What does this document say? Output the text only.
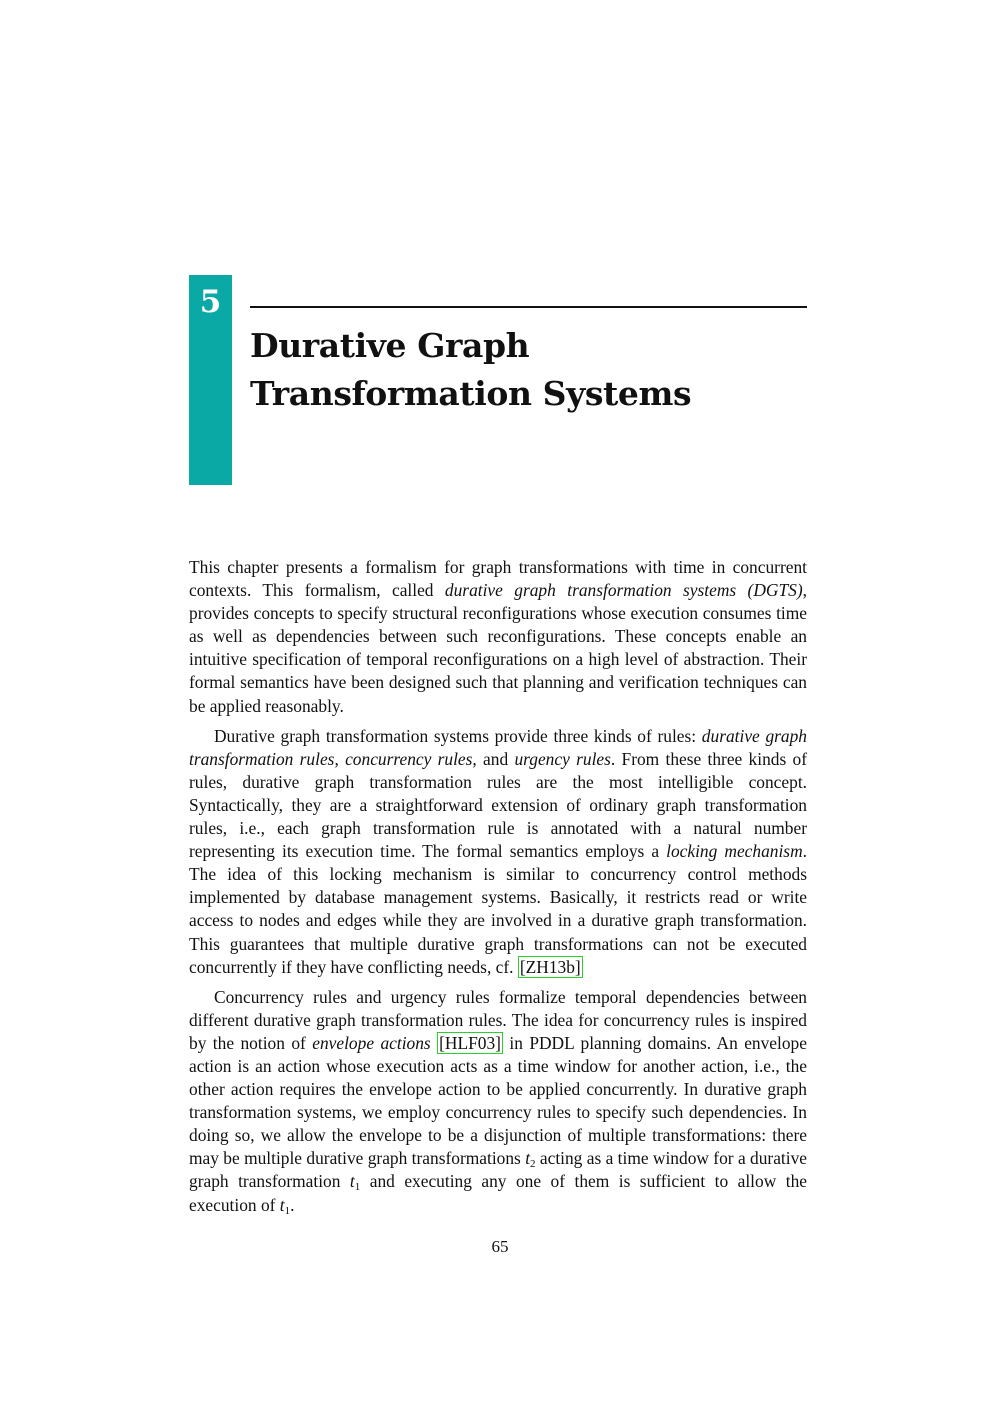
5
Durative Graph Transformation Systems

This chapter presents a formalism for graph transformations with time in concurrent contexts. This formalism, called durative graph transformation systems (DGTS), provides concepts to specify structural reconfigurations whose execution consumes time as well as dependencies between such reconfigurations. These concepts enable an intuitive specification of temporal reconfigurations on a high level of abstraction. Their formal semantics have been designed such that planning and verification techniques can be applied reasonably.

Durative graph transformation systems provide three kinds of rules: durative graph transformation rules, concurrency rules, and urgency rules. From these three kinds of rules, durative graph transformation rules are the most intelligible concept. Syntactically, they are a straightforward extension of ordinary graph transformation rules, i.e., each graph transformation rule is annotated with a natural number representing its execution time. The formal semantics employs a locking mechanism. The idea of this locking mechanism is similar to concurrency control methods implemented by database management systems. Basically, it restricts read or write access to nodes and edges while they are involved in a durative graph transformation. This guarantees that multiple durative graph transformations can not be executed concurrently if they have conflicting needs, cf. [ZH13b]

Concurrency rules and urgency rules formalize temporal dependencies between different durative graph transformation rules. The idea for concurrency rules is inspired by the notion of envelope actions [HLF03] in PDDL planning domains. An envelope action is an action whose execution acts as a time window for another action, i.e., the other action requires the envelope action to be applied concurrently. In durative graph transformation systems, we employ concurrency rules to specify such dependencies. In doing so, we allow the envelope to be a disjunction of multiple transformations: there may be multiple durative graph transformations $t_2$ acting as a time window for a durative graph transformation $t_1$ and executing any one of them is sufficient to allow the execution of $t_1$.

65
